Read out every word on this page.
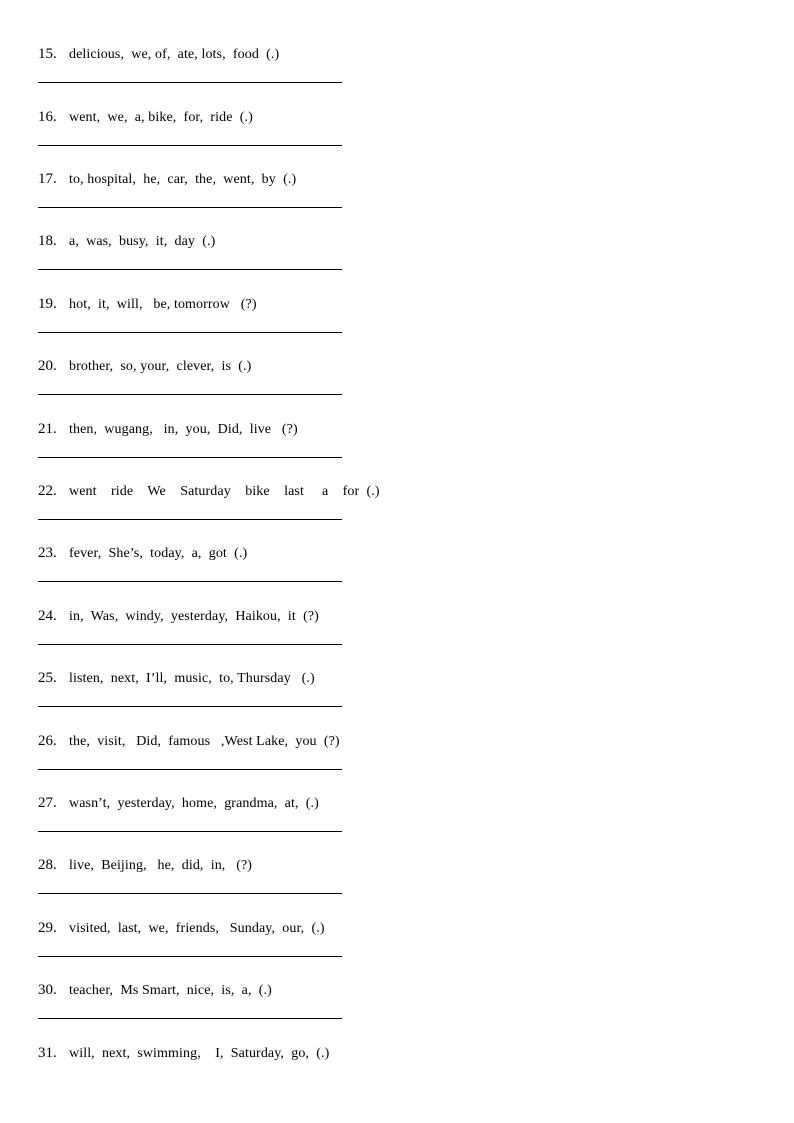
15. delicious,  we, of,  ate, lots,  food  (.)
16. went,  we,  a, bike,  for,  ride  (.)
17. to, hospital,  he,  car,  the,  went,  by  (.)
18. a,  was,  busy,  it,  day  (.)
19. hot,  it,  will,   be, tomorrow   (?)
20. brother,  so, your,  clever,  is  (.)
21. then,  wugang,   in,  you,  Did,  live   (?)
22. went    ride    We    Saturday    bike    last     a    for  (.)
23. fever,  She’s,  today,  a,  got  (.)
24. in,  Was,  windy,  yesterday,  Haikou,  it  (?)
25. listen,  next,  I’ll,  music,  to, Thursday   (.)
26. the,  visit,   Did,  famous   ,West Lake,  you  (?)
27. wasn’t,  yesterday,  home,  grandma,  at,  (.)
28. live,  Beijing,   he,  did,  in,   (?)
29. visited,  last,  we,  friends,   Sunday,  our,  (.)
30. teacher,  Ms Smart,  nice,  is,  a,  (.)
31. will,  next,  swimming,    I,  Saturday,  go,  (.)
